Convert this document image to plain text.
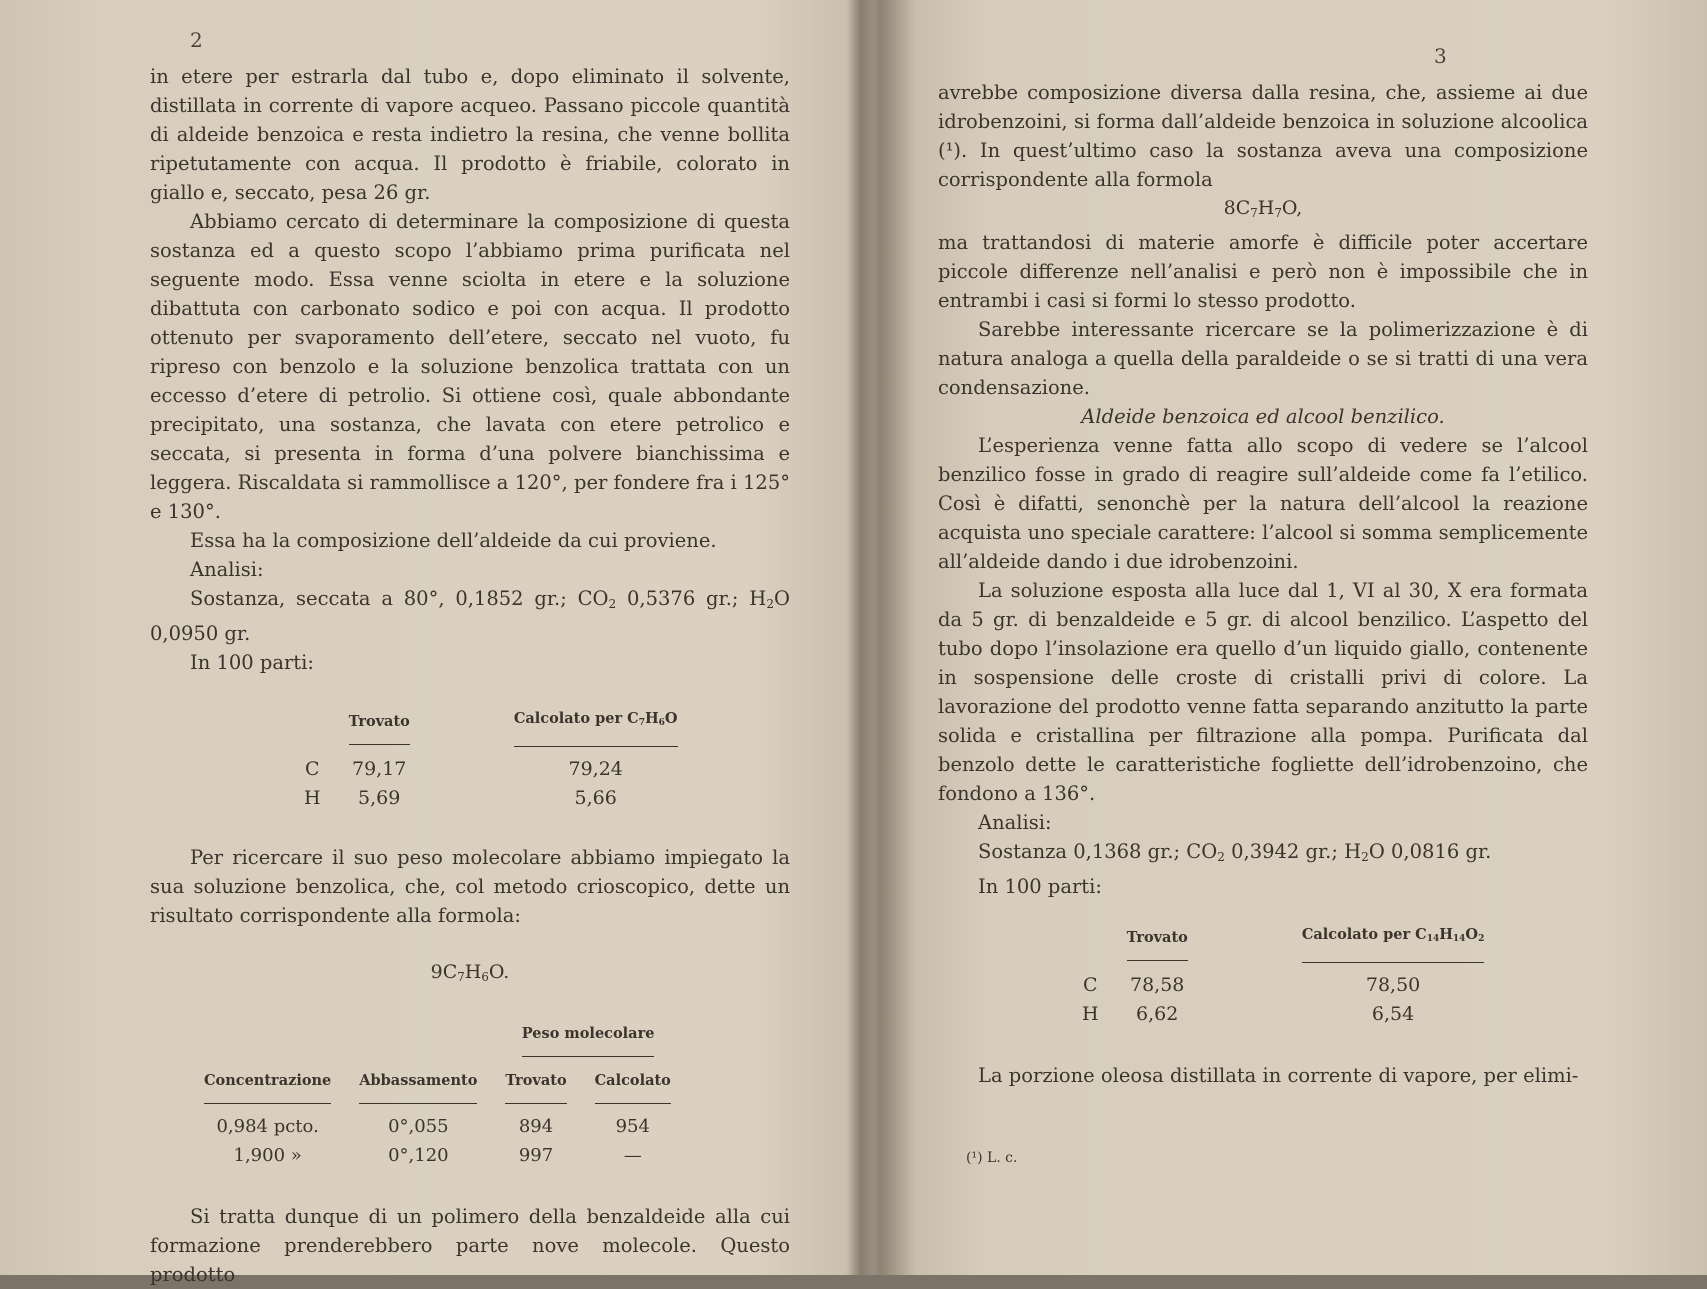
2

in etere per estrarla dal tubo e, dopo eliminato il solvente, distillata in corrente di vapore acqueo. Passano piccole quantità di aldeide benzoica e resta indietro la resina, che venne bollita ripetutamente con acqua. Il prodotto è friabile, colorato in giallo e, seccato, pesa 26 gr.

Abbiamo cercato di determinare la composizione di questa sostanza ed a questo scopo l’abbiamo prima purificata nel seguente modo. Essa venne sciolta in etere e la soluzione dibattuta con carbonato sodico e poi con acqua. Il prodotto ottenuto per svaporamento dell’etere, seccato nel vuoto, fu ripreso con benzolo e la soluzione benzolica trattata con un eccesso d’etere di petrolio. Si ottiene così, quale abbondante precipitato, una sostanza, che lavata con etere petrolico e seccata, si presenta in forma d’una polvere bianchissima e leggera. Riscaldata si rammollisce a 120°, per fondere fra i 125° e 130°.

Essa ha la composizione dell’aldeide da cui proviene.

Analisi:

Sostanza, seccata a 80°, 0,1852 gr.; $CO_2$ 0,5376 gr.; $H_2O$ 0,0950 gr.

In 100 parti:

	Trovato	Calcolato per $C_7H_6O$
C	79,17	79,24
H	5,69	5,66

Per ricercare il suo peso molecolare abbiamo impiegato la sua soluzione benzolica, che, col metodo crioscopico, dette un risultato corrispondente alla formola:

$9C_7H_6O$.

		Peso molecolare	
Concentrazione	Abbassamento	Trovato	Calcolato
0,984 pcto.	0°,055	894	954
1,900 »	0°,120	997	—

Si tratta dunque di un polimero della benzaldeide alla cui formazione prenderebbero parte nove molecole. Questo prodotto

3

avrebbe composizione diversa dalla resina, che, assieme ai due idrobenzoini, si forma dall’aldeide benzoica in soluzione alcoolica (¹). In quest’ultimo caso la sostanza aveva una composizione corrispondente alla formola

$8C_7H_7O$,

ma trattandosi di materie amorfe è difficile poter accertare piccole differenze nell’analisi e però non è impossibile che in entrambi i casi si formi lo stesso prodotto.

Sarebbe interessante ricercare se la polimerizzazione è di natura analoga a quella della paraldeide o se si tratti di una vera condensazione.

Aldeide benzoica ed alcool benzilico.

L’esperienza venne fatta allo scopo di vedere se l’alcool benzilico fosse in grado di reagire sull’aldeide come fa l’etilico. Così è difatti, senonchè per la natura dell’alcool la reazione acquista uno speciale carattere: l’alcool si somma semplicemente all’aldeide dando i due idrobenzoini.

La soluzione esposta alla luce dal 1, VI al 30, X era formata da 5 gr. di benzaldeide e 5 gr. di alcool benzilico. L’aspetto del tubo dopo l’insolazione era quello d’un liquido giallo, contenente in sospensione delle croste di cristalli privi di colore. La lavorazione del prodotto venne fatta separando anzitutto la parte solida e cristallina per filtrazione alla pompa. Purificata dal benzolo dette le caratteristiche fogliette dell’idrobenzoino, che fondono a 136°.

Analisi:

Sostanza 0,1368 gr.; $CO_2$ 0,3942 gr.; $H_2O$ 0,0816 gr.

In 100 parti:

	Trovato	Calcolato per $C_{14}H_{14}O_2$
C	78,58	78,50
H	6,62	6,54

La porzione oleosa distillata in corrente di vapore, per elimi-

(¹) L. c.
